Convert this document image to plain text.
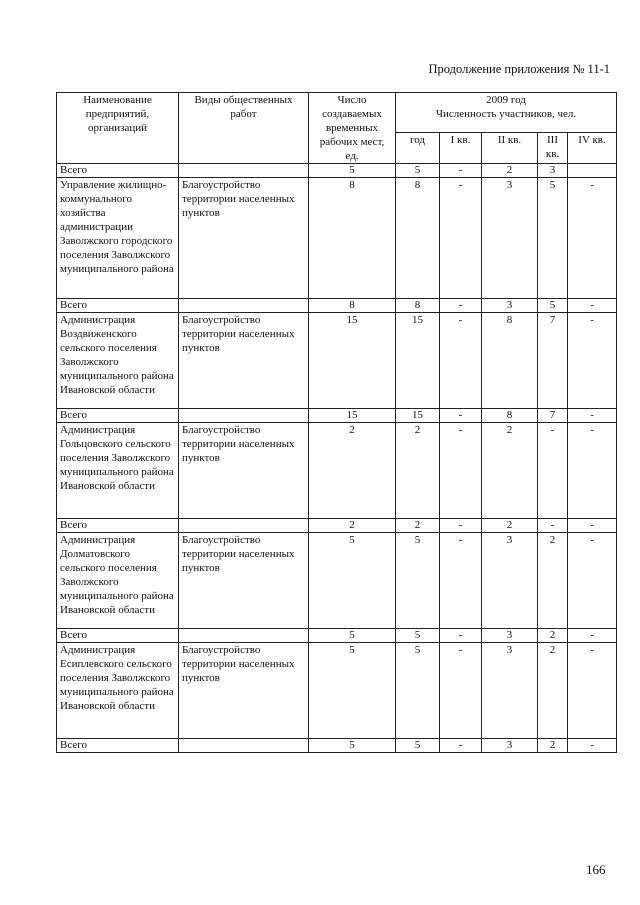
Продолжение приложения № 11-1
Наименование предприятий, организаций	Виды общественных работ	Число создаваемых временных рабочих мест, ед.	2009 год
Численность участников, чел.				

			год	I кв.	II кв.	III кв.	IV кв.
Всего		5	5	-	2	3	
Управление жилищно-коммунального хозяйства администрации Заволжского городского поселения Заволжского муниципального района	Благоустройство территории населенных пунктов	8	8	-	3	5	-
Всего		8	8	-	3	5	-
Администрация Воздвиженского сельского поселения Заволжского муниципального района Ивановской области	Благоустройство территории населенных пунктов	15	15	-	8	7	-
Всего		15	15	-	8	7	-
Администрация Гольцовского сельского поселения Заволжского муниципального района Ивановской области	Благоустройство территории населенных пунктов	2	2	-	2	-	-
Всего		2	2	-	2	-	-
Администрация Долматовского сельского поселения Заволжского муниципального района Ивановской области	Благоустройство территории населенных пунктов	5	5	-	3	2	-
Всего		5	5	-	3	2	-
Администрация Есиплевского сельского поселения Заволжского муниципального района Ивановской области	Благоустройство территории населенных пунктов	5	5	-	3	2	-
Всего		5	5	-	3	2	-
166
